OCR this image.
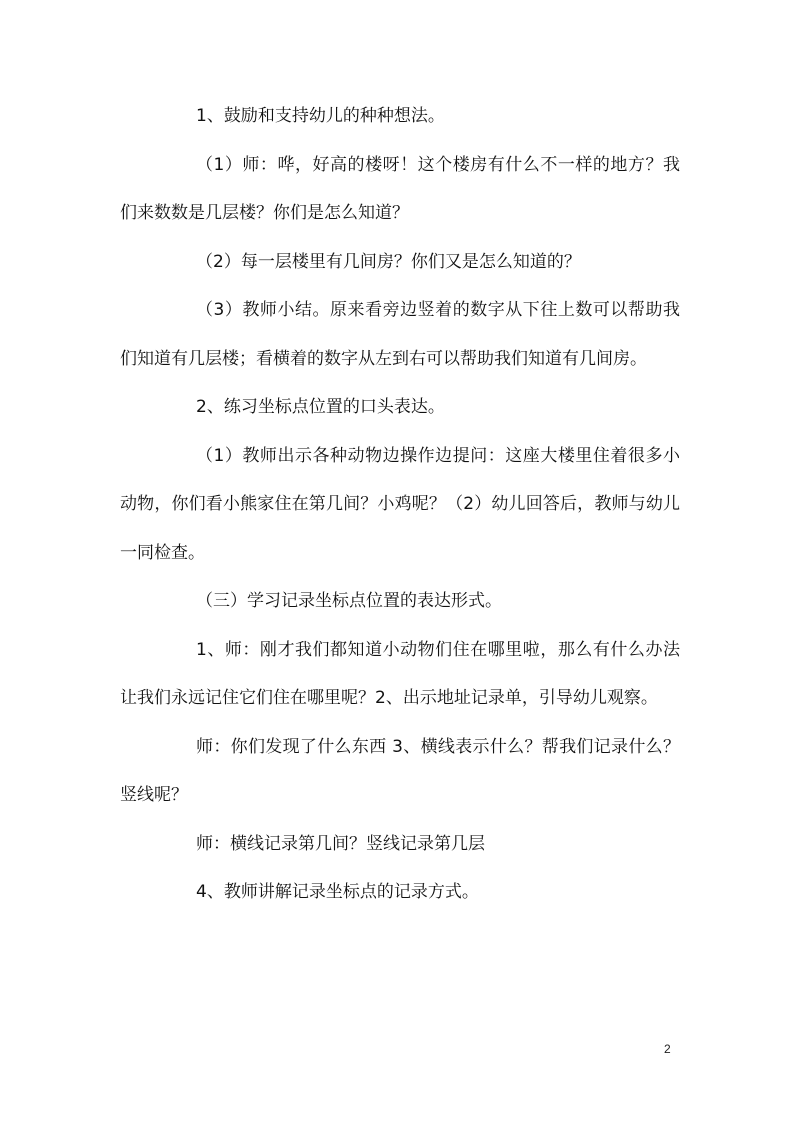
1、鼓励和支持幼儿的种种想法。

（1）师：哗，好高的楼呀！这个楼房有什么不一样的地方？我们来数数是几层楼？你们是怎么知道？

（2）每一层楼里有几间房？你们又是怎么知道的？

（3）教师小结。原来看旁边竖着的数字从下往上数可以帮助我们知道有几层楼；看横着的数字从左到右可以帮助我们知道有几间房。

2、练习坐标点位置的口头表达。

（1）教师出示各种动物边操作边提问：这座大楼里住着很多小动物，你们看小熊家住在第几间？小鸡呢？（2）幼儿回答后，教师与幼儿一同检查。

（三）学习记录坐标点位置的表达形式。

1、师：刚才我们都知道小动物们住在哪里啦，那么有什么办法让我们永远记住它们住在哪里呢？2、出示地址记录单，引导幼儿观察。

师：你们发现了什么东西 3、横线表示什么？帮我们记录什么？竖线呢？

师：横线记录第几间？竖线记录第几层

4、教师讲解记录坐标点的记录方式。

2
